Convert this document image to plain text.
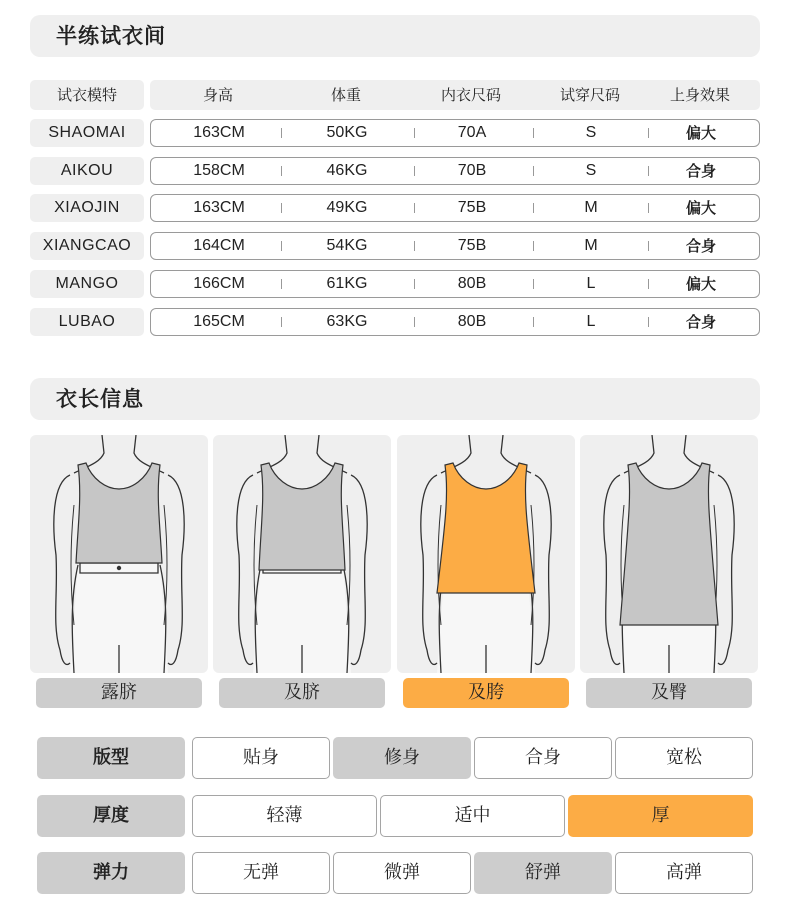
半练试衣间
试衣模特	身高	体重	内衣尺码	试穿尺码	上身效果
SHAOMAI	163CM	50KG	70A	S	偏大
AIKOU	158CM	46KG	70B	S	合身
XIAOJIN	163CM	49KG	75B	M	偏大
XIANGCAO	164CM	54KG	75B	M	合身
MANGO	166CM	61KG	80B	L	偏大
LUBAO	165CM	63KG	80B	L	合身
衣长信息
露脐	及脐	及胯	及臀
版型	贴身	修身	合身	宽松
厚度	轻薄	适中	厚
弹力	无弹	微弹	舒弹	高弹
